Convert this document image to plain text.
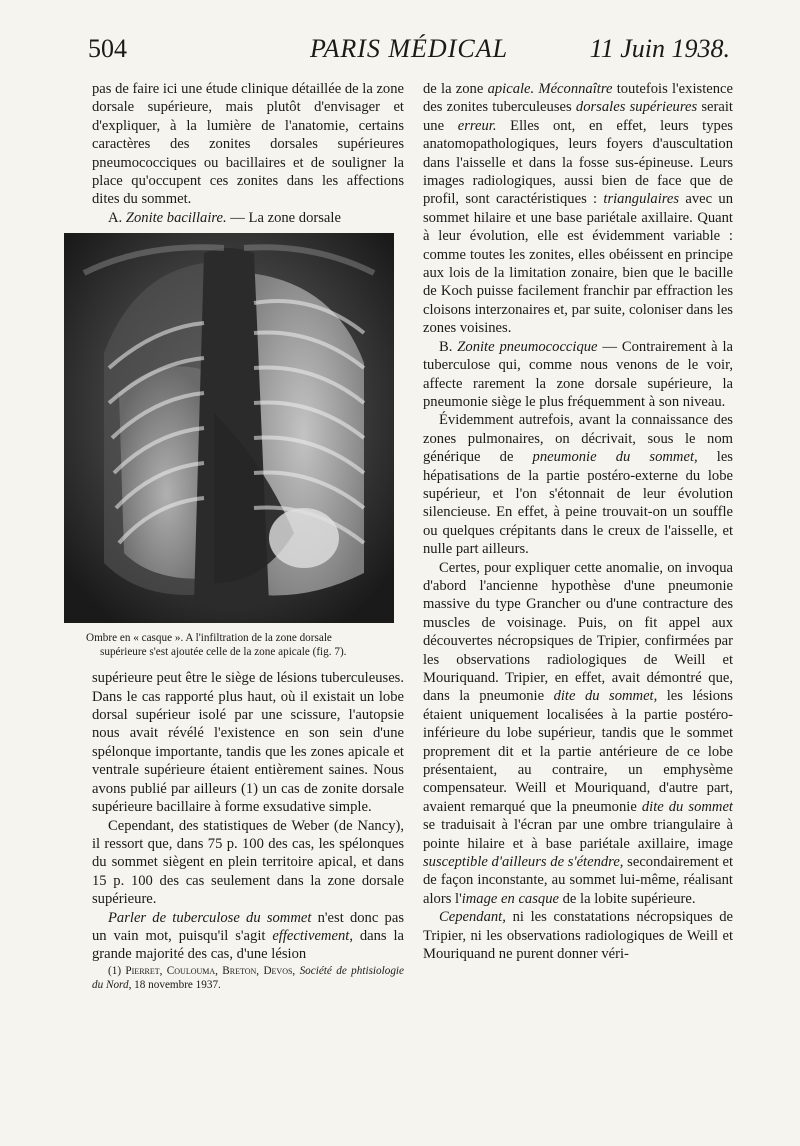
504	PARIS MÉDICAL	11 Juin 1938.

pas de faire ici une étude clinique détaillée de la zone dorsale supérieure, mais plutôt d'envisager et d'expliquer, à la lumière de l'anatomie, certains caractères des zonites dorsales supérieures pneumococciques ou bacillaires et de souligner la place qu'occupent ces zonites dans les affections dites du sommet.

A. Zonite bacillaire. — La zone dorsale

Ombre en « casque ». A l'infiltration de la zone dorsale
supérieure s'est ajoutée celle de la zone apicale (fig. 7).

supérieure peut être le siège de lésions tuberculeuses. Dans le cas rapporté plus haut, où il existait un lobe dorsal supérieur isolé par une scissure, l'autopsie nous avait révélé l'existence en son sein d'une spélonque importante, tandis que les zones apicale et ventrale supérieure étaient entièrement saines. Nous avons publié par ailleurs (1) un cas de zonite dorsale supérieure bacillaire à forme exsudative simple.

Cependant, des statistiques de Weber (de Nancy), il ressort que, dans 75 p. 100 des cas, les spélonques du sommet siègent en plein territoire apical, et dans 15 p. 100 des cas seulement dans la zone dorsale supérieure.

Parler de tuberculose du sommet n'est donc pas un vain mot, puisqu'il s'agit effectivement, dans la grande majorité des cas, d'une lésion

(1) Pierret, Coulouma, Breton, Devos, Société de phtisiologie du Nord, 18 novembre 1937.

de la zone apicale. Méconnaître toutefois l'existence des zonites tuberculeuses dorsales supérieures serait une erreur. Elles ont, en effet, leurs types anatomopathologiques, leurs foyers d'auscultation dans l'aisselle et dans la fosse sus-épineuse. Leurs images radiologiques, aussi bien de face que de profil, sont caractéristiques : triangulaires avec un sommet hilaire et une base pariétale axillaire. Quant à leur évolution, elle est évidemment variable : comme toutes les zonites, elles obéissent en principe aux lois de la limitation zonaire, bien que le bacille de Koch puisse facilement franchir par effraction les cloisons interzonaires et, par suite, coloniser dans les zones voisines.

B. Zonite pneumococcique — Contrairement à la tuberculose qui, comme nous venons de le voir, affecte rarement la zone dorsale supérieure, la pneumonie siège le plus fréquemment à son niveau.

Évidemment autrefois, avant la connaissance des zones pulmonaires, on décrivait, sous le nom générique de pneumonie du sommet, les hépatisations de la partie postéro-externe du lobe supérieur, et l'on s'étonnait de leur évolution silencieuse. En effet, à peine trouvait-on un souffle ou quelques crépitants dans le creux de l'aisselle, et nulle part ailleurs.

Certes, pour expliquer cette anomalie, on invoqua d'abord l'ancienne hypothèse d'une pneumonie massive du type Grancher ou d'une contracture des muscles de voisinage. Puis, on fit appel aux découvertes nécropsiques de Tripier, confirmées par les observations radiologiques de Weill et Mouriquand. Tripier, en effet, avait démontré que, dans la pneumonie dite du sommet, les lésions étaient uniquement localisées à la partie postéro-inférieure du lobe supérieur, tandis que le sommet proprement dit et la partie antérieure de ce lobe présentaient, au contraire, un emphysème compensateur. Weill et Mouriquand, d'autre part, avaient remarqué que la pneumonie dite du sommet se traduisait à l'écran par une ombre triangulaire à pointe hilaire et à base pariétale axillaire, image susceptible d'ailleurs de s'étendre, secondairement et de façon inconstante, au sommet lui-même, réalisant alors l'image en casque de la lobite supérieure.

Cependant, ni les constatations nécropsiques de Tripier, ni les observations radiologiques de Weill et Mouriquand ne purent donner véri-
